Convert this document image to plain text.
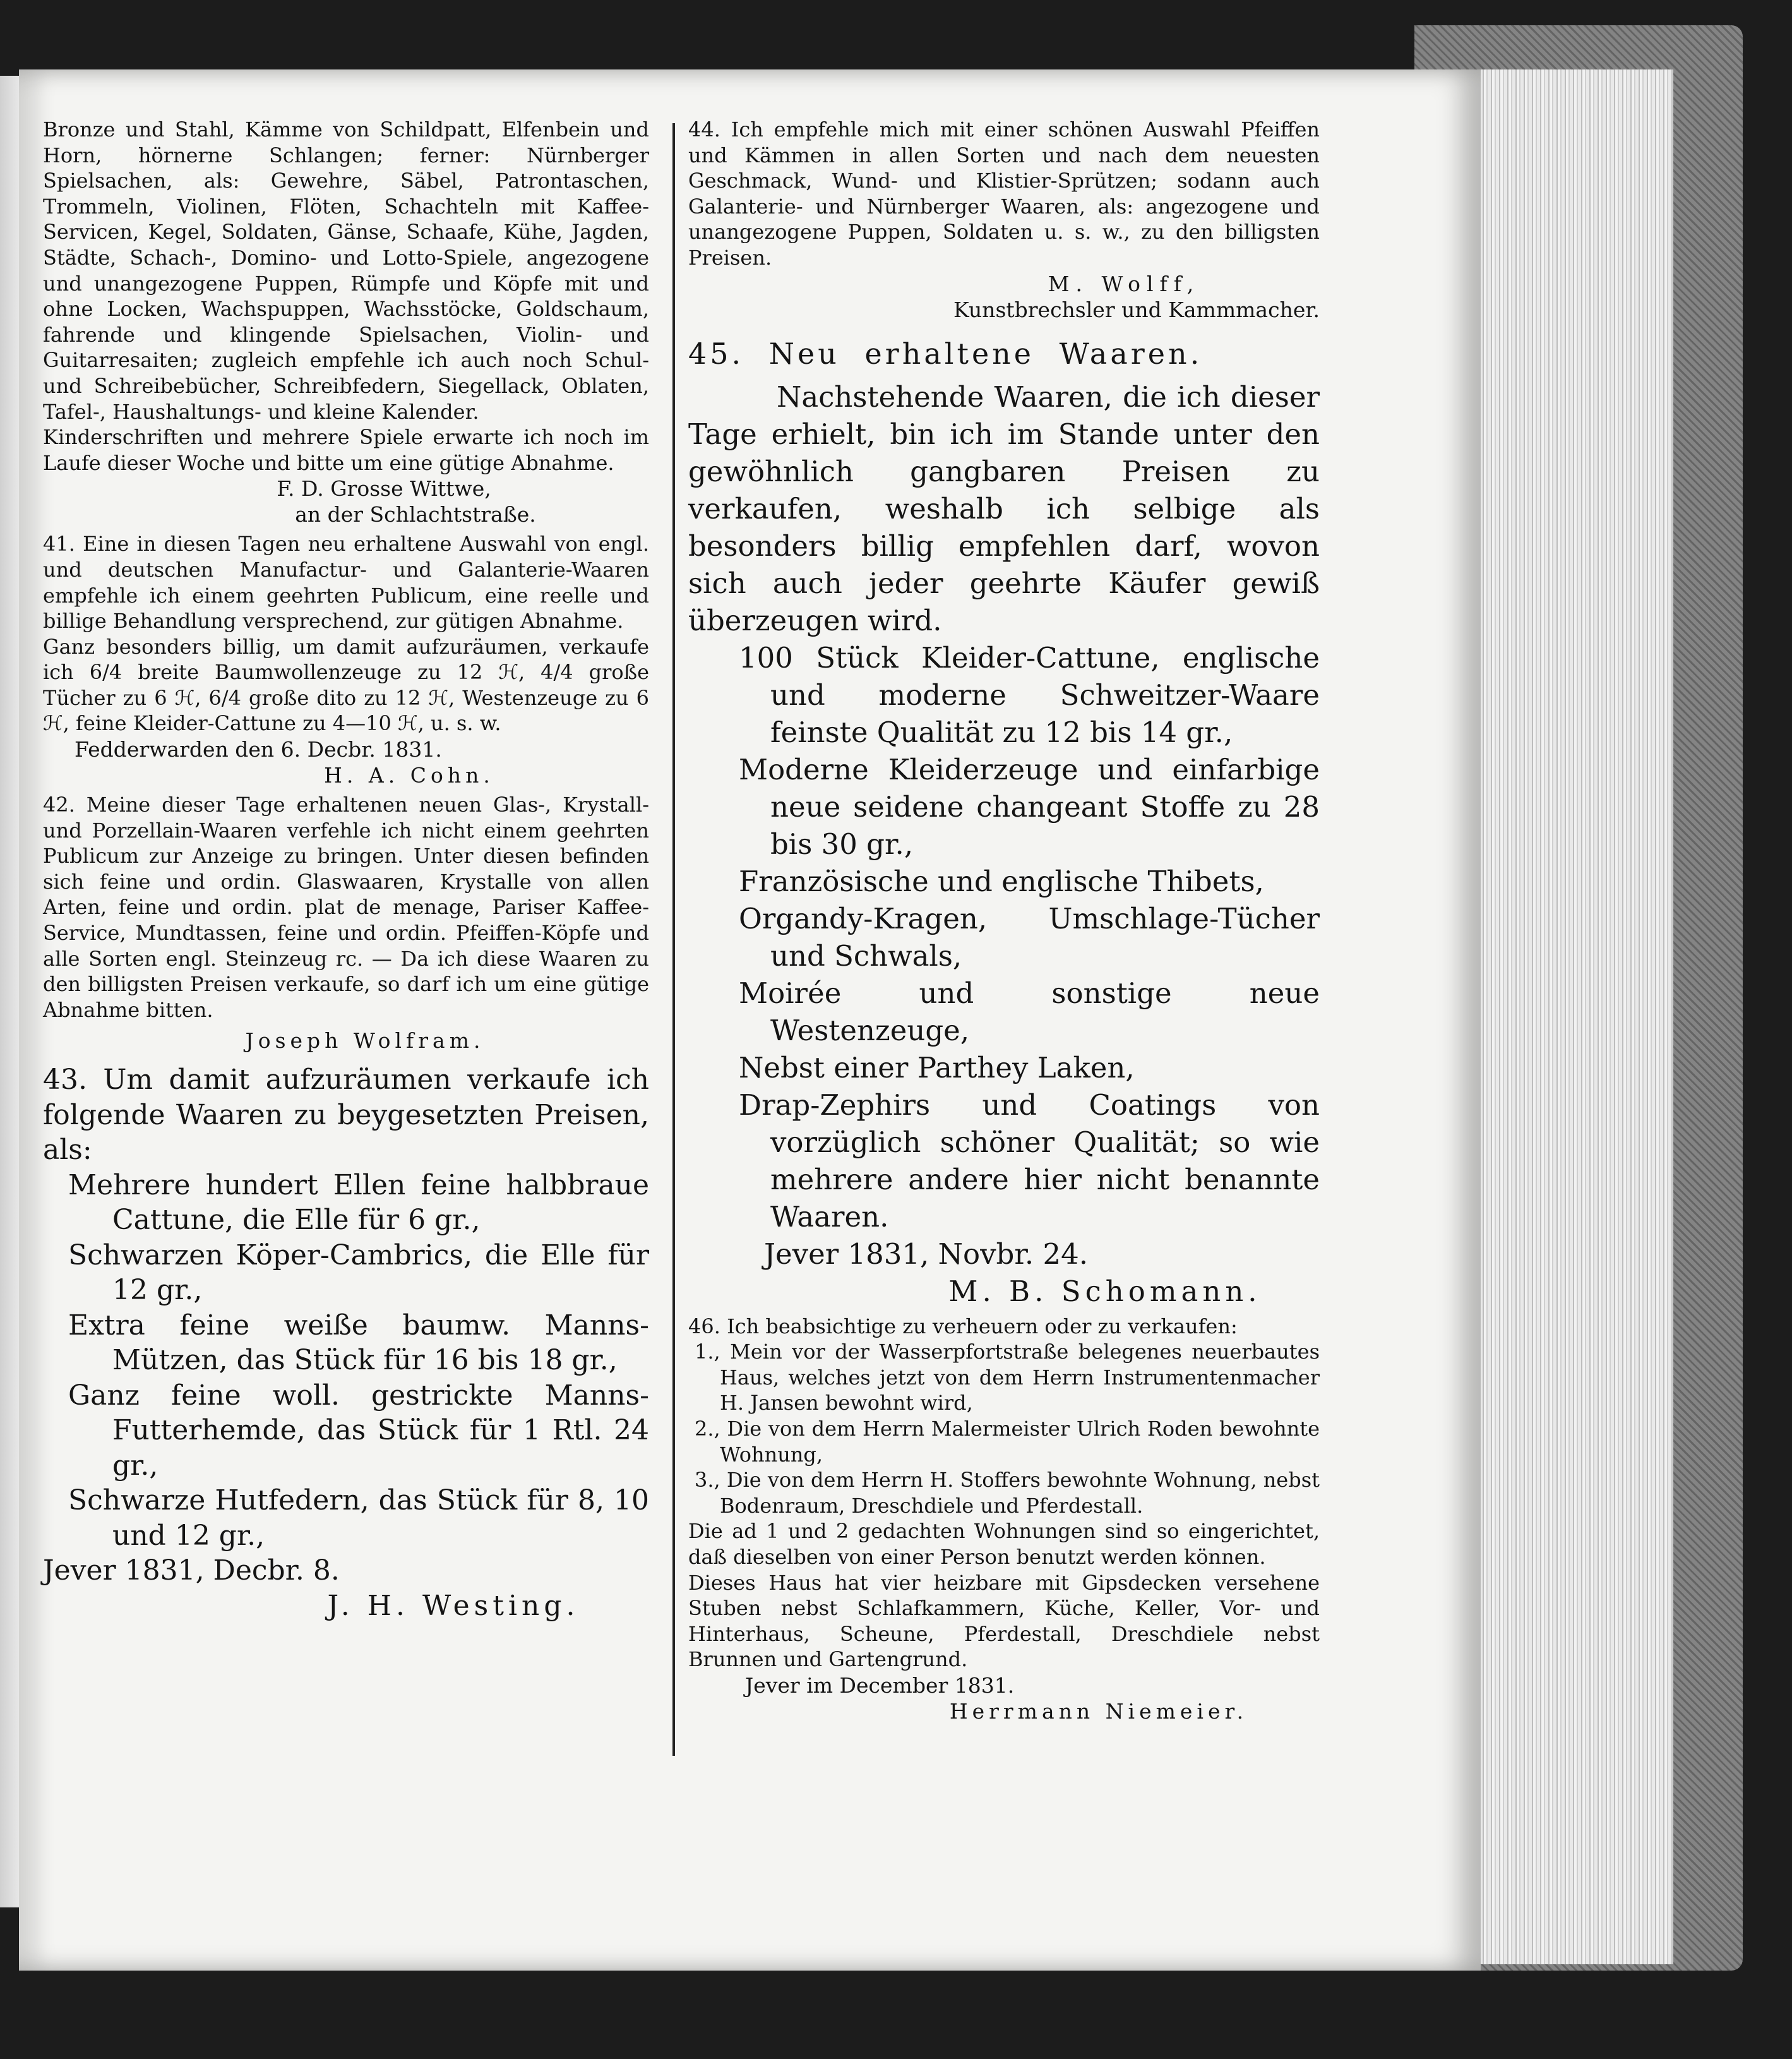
Bronze und Stahl, Kämme von Schildpatt, Elfenbein und Horn, hörnerne Schlangen; ferner: Nürnberger Spielsachen, als: Gewehre, Säbel, Patrontaschen, Trommeln, Violinen, Flöten, Schachteln mit Kaffee-Servicen, Kegel, Soldaten, Gänse, Schaafe, Kühe, Jagden, Städte, Schach-, Domino- und Lotto-Spiele, angezogene und unangezogene Puppen, Rümpfe und Köpfe mit und ohne Locken, Wachspuppen, Wachsstöcke, Goldschaum, fahrende und klingende Spielsachen, Violin- und Guitarresaiten; zugleich empfehle ich auch noch Schul- und Schreibebücher, Schreibfedern, Siegellack, Oblaten, Tafel-, Haushaltungs- und kleine Kalender.

Kinderschriften und mehrere Spiele erwarte ich noch im Laufe dieser Woche und bitte um eine gütige Abnahme.

F. D. Grosse Wittwe,

an der Schlachtstraße.

41. Eine in diesen Tagen neu erhaltene Auswahl von engl. und deutschen Manufactur- und Galanterie-Waaren empfehle ich einem geehrten Publicum, eine reelle und billige Behandlung versprechend, zur gütigen Abnahme.

Ganz besonders billig, um damit aufzuräumen, verkaufe ich 6/4 breite Baumwollenzeuge zu 12 ℋ, 4/4 große Tücher zu 6 ℋ, 6/4 große dito zu 12 ℋ, Westenzeuge zu 6 ℋ, feine Kleider-Cattune zu 4—10 ℋ, u. s. w.

Fedderwarden den 6. Decbr. 1831.

H. A. Cohn.

42. Meine dieser Tage erhaltenen neuen Glas-, Krystall- und Porzellain-Waaren verfehle ich nicht einem geehrten Publicum zur Anzeige zu bringen. Unter diesen befinden sich feine und ordin. Glaswaaren, Krystalle von allen Arten, feine und ordin. plat de menage, Pariser Kaffee-Service, Mundtassen, feine und ordin. Pfeiffen-Köpfe und alle Sorten engl. Steinzeug rc. — Da ich diese Waaren zu den billigsten Preisen verkaufe, so darf ich um eine gütige Abnahme bitten.

Joseph Wolfram.

43. Um damit aufzuräumen verkaufe ich folgende Waaren zu beygesetzten Preisen, als:

Mehrere hundert Ellen feine halbbraue Cattune, die Elle für 6 gr.,

Schwarzen Köper-Cambrics, die Elle für 12 gr.,

Extra feine weiße baumw. Manns-Mützen, das Stück für 16 bis 18 gr.,

Ganz feine woll. gestrickte Manns-Futterhemde, das Stück für 1 Rtl. 24 gr.,

Schwarze Hutfedern, das Stück für 8, 10 und 12 gr.,

Jever 1831, Decbr. 8.

J. H. Westing.

44. Ich empfehle mich mit einer schönen Auswahl Pfeiffen und Kämmen in allen Sorten und nach dem neuesten Geschmack, Wund- und Klistier-Sprützen; sodann auch Galanterie- und Nürnberger Waaren, als: angezogene und unangezogene Puppen, Soldaten u. s. w., zu den billigsten Preisen.

M. Wolff,

Kunstbrechsler und Kammmacher.

45. Neu erhaltene Waaren.

Nachstehende Waaren, die ich dieser Tage erhielt, bin ich im Stande unter den gewöhnlich gangbaren Preisen zu verkaufen, weshalb ich selbige als besonders billig empfehlen darf, wovon sich auch jeder geehrte Käufer gewiß überzeugen wird.

100 Stück Kleider-Cattune, englische und moderne Schweitzer-Waare feinste Qualität zu 12 bis 14 gr.,

Moderne Kleiderzeuge und einfarbige neue seidene changeant Stoffe zu 28 bis 30 gr.,

Französische und englische Thibets,

Organdy-Kragen, Umschlage-Tücher und Schwals,

Moirée und sonstige neue Westenzeuge,

Nebst einer Parthey Laken,

Drap-Zephirs und Coatings von vorzüglich schöner Qualität; so wie mehrere andere hier nicht benannte Waaren.

Jever 1831, Novbr. 24.

M. B. Schomann.

46. Ich beabsichtige zu verheuern oder zu verkaufen:

1., Mein vor der Wasserpfortstraße belegenes neuerbautes Haus, welches jetzt von dem Herrn Instrumentenmacher H. Jansen bewohnt wird,

2., Die von dem Herrn Malermeister Ulrich Roden bewohnte Wohnung,

3., Die von dem Herrn H. Stoffers bewohnte Wohnung, nebst Bodenraum, Dreschdiele und Pferdestall.

Die ad 1 und 2 gedachten Wohnungen sind so eingerichtet, daß dieselben von einer Person benutzt werden können.

Dieses Haus hat vier heizbare mit Gipsdecken versehene Stuben nebst Schlafkammern, Küche, Keller, Vor- und Hinterhaus, Scheune, Pferdestall, Dreschdiele nebst Brunnen und Gartengrund.

Jever im December 1831.

Herrmann Niemeier.
